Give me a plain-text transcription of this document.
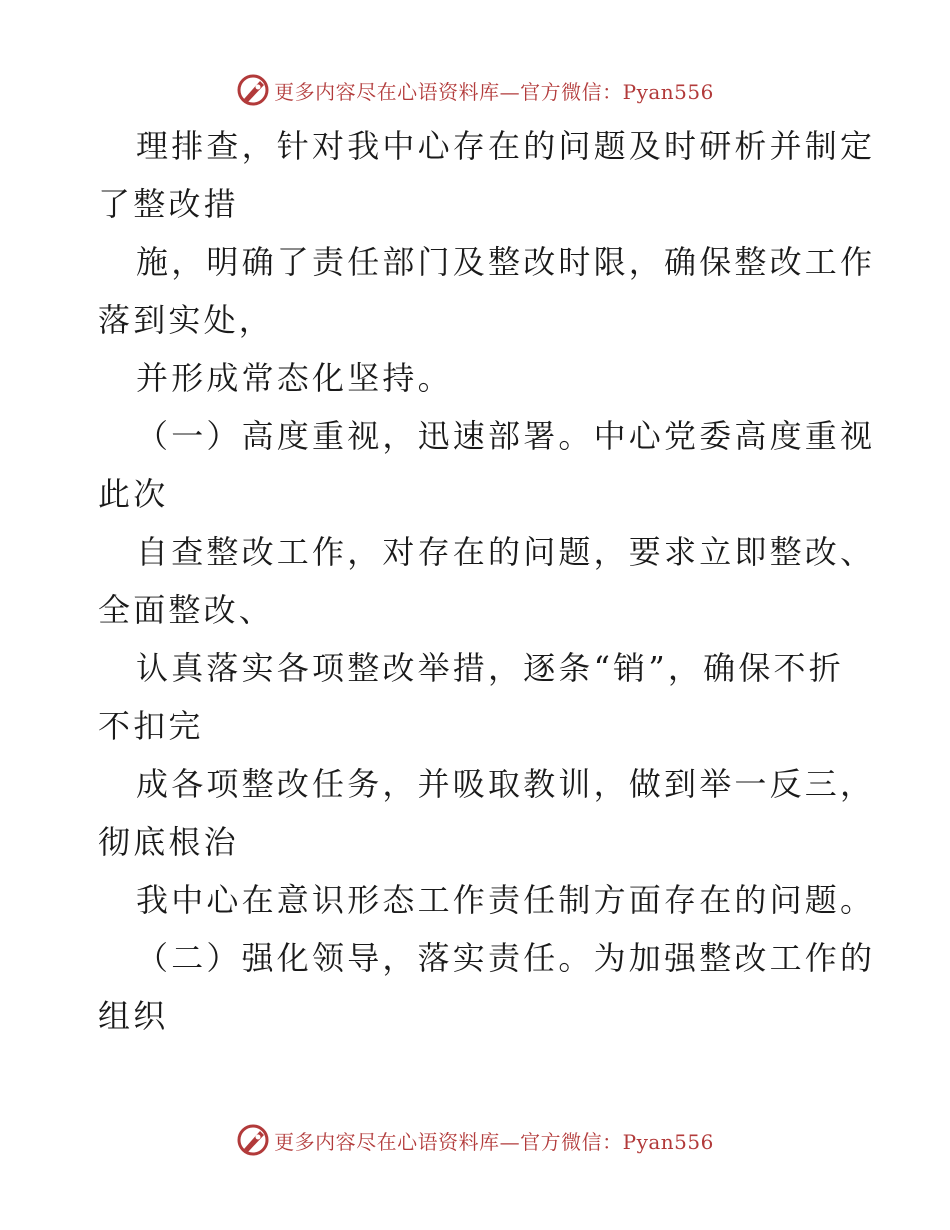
更多内容尽在心语资料库—官方微信：Pyan556
理排查，针对我中心存在的问题及时研析并制定
了整改措
施，明确了责任部门及整改时限，确保整改工作
落到实处，
并形成常态化坚持。
（一）高度重视，迅速部署。中心党委高度重视
此次
自查整改工作，对存在的问题，要求立即整改、
全面整改、
认真落实各项整改举措，逐条“销”，确保不折
不扣完
成各项整改任务，并吸取教训，做到举一反三，
彻底根治
我中心在意识形态工作责任制方面存在的问题。
（二）强化领导，落实责任。为加强整改工作的
组织
更多内容尽在心语资料库—官方微信：Pyan556
